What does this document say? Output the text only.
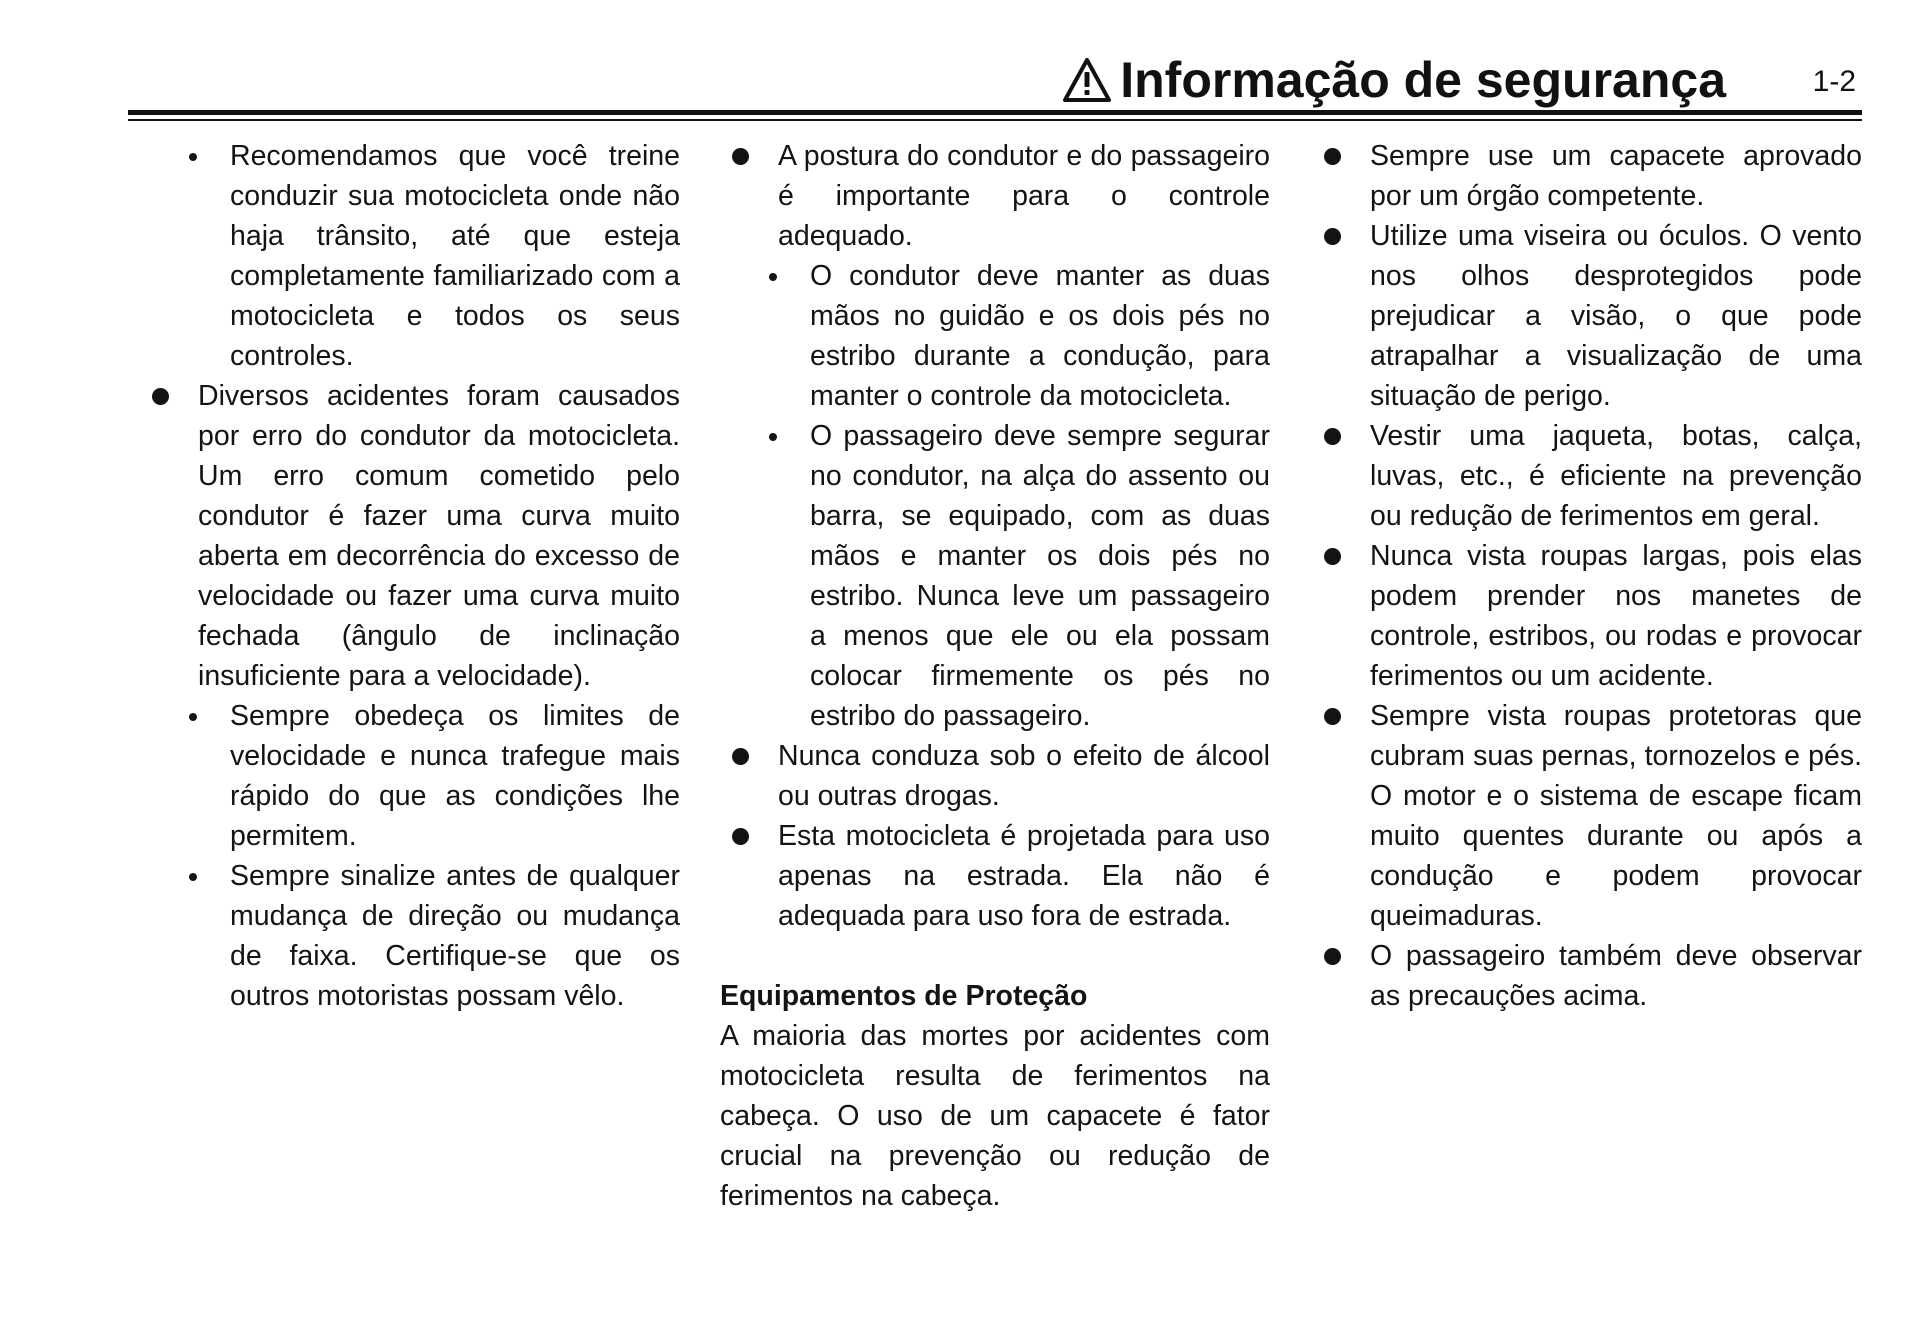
Informação de segurança	1-2

Recomendamos que você treine conduzir sua motocicleta onde não haja trânsito, até que esteja completamente familiarizado com a motocicleta e todos os seus controles.

Diversos acidentes foram causados por erro do condutor da motocicleta. Um erro comum cometido pelo condutor é fazer uma curva muito aberta em decorrência do excesso de velocidade ou fazer uma curva muito fechada (ângulo de inclinação insuficiente para a velocidade).

Sempre obedeça os limites de velocidade e nunca trafegue mais rápido do que as condições lhe permitem.

Sempre sinalize antes de qualquer mudança de direção ou mudança de faixa. Certifique-se que os outros motoristas possam vêlo.

A postura do condutor e do passageiro é importante para o controle adequado.

O condutor deve manter as duas mãos no guidão e os dois pés no estribo durante a condução, para manter o controle da motocicleta.

O passageiro deve sempre segurar no condutor, na alça do assento ou barra, se equipado, com as duas mãos e manter os dois pés no estribo. Nunca leve um passageiro a menos que ele ou ela possam colocar firmemente os pés no estribo do passageiro.

Nunca conduza sob o efeito de álcool ou outras drogas.

Esta motocicleta é projetada para uso apenas na estrada. Ela não é adequada para uso fora de estrada.

Equipamentos de Proteção

A maioria das mortes por acidentes com motocicleta resulta de ferimentos na cabeça. O uso de um capacete é fator crucial na prevenção ou redução de ferimentos na cabeça.

Sempre use um capacete aprovado por um órgão competente.

Utilize uma viseira ou óculos. O vento nos olhos desprotegidos pode prejudicar a visão, o que pode atrapalhar a visualização de uma situação de perigo.

Vestir uma jaqueta, botas, calça, luvas, etc., é eficiente na prevenção ou redução de ferimentos em geral.

Nunca vista roupas largas, pois elas podem prender nos manetes de controle, estribos, ou rodas e provocar ferimentos ou um acidente.

Sempre vista roupas protetoras que cubram suas pernas, tornozelos e pés. O motor e o sistema de escape ficam muito quentes durante ou após a condução e podem provocar queimaduras.

O passageiro também deve observar as precauções acima.
